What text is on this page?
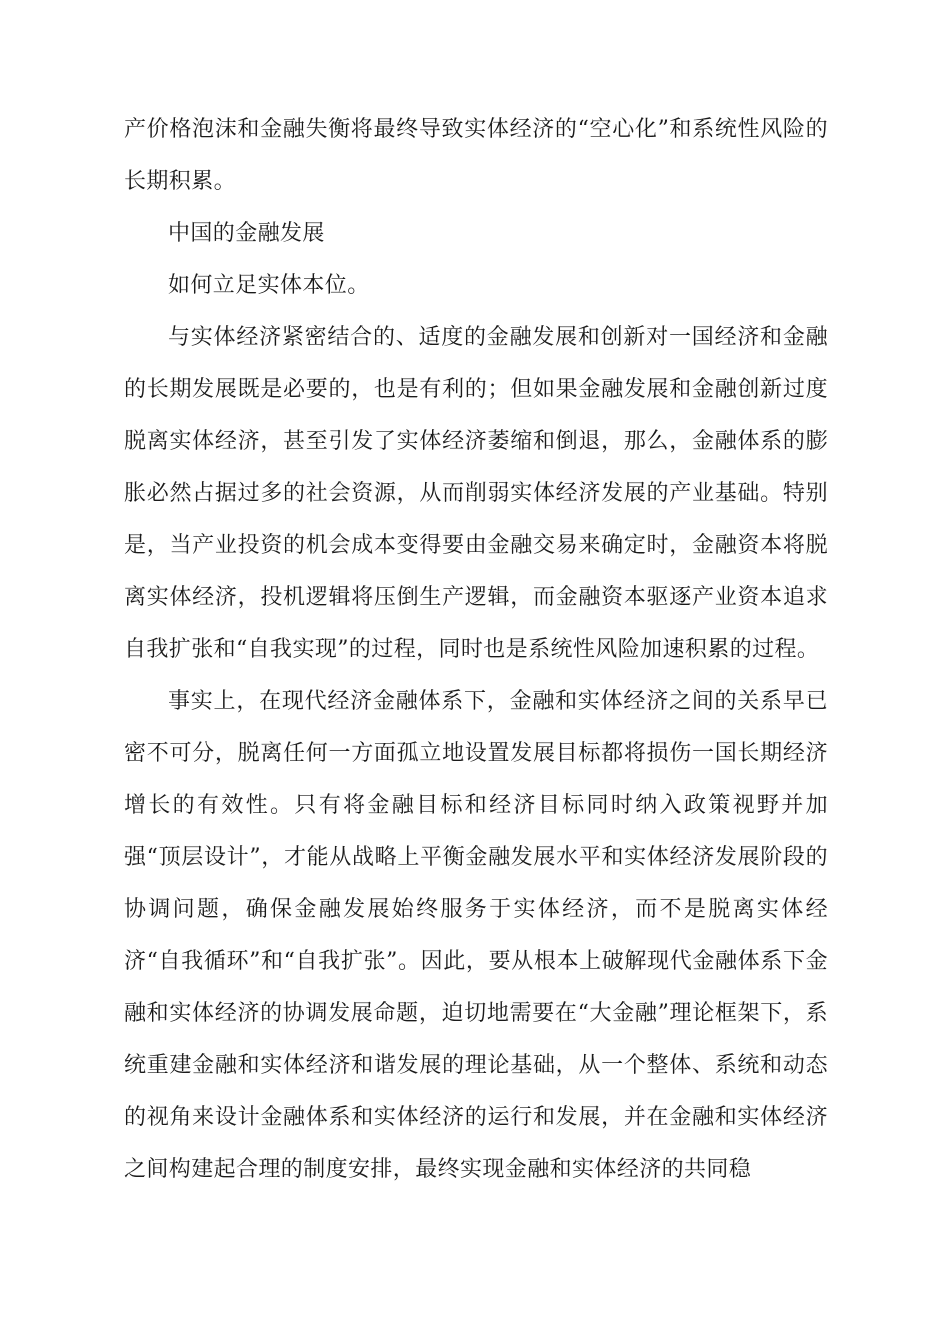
产价格泡沫和金融失衡将最终导致实体经济的“空心化”和系统性风险的长期积累。

中国的金融发展

如何立足实体本位。

与实体经济紧密结合的、适度的金融发展和创新对一国经济和金融的长期发展既是必要的，也是有利的；但如果金融发展和金融创新过度脱离实体经济，甚至引发了实体经济萎缩和倒退，那么，金融体系的膨胀必然占据过多的社会资源，从而削弱实体经济发展的产业基础。特别是，当产业投资的机会成本变得要由金融交易来确定时，金融资本将脱离实体经济，投机逻辑将压倒生产逻辑，而金融资本驱逐产业资本追求自我扩张和“自我实现”的过程，同时也是系统性风险加速积累的过程。

事实上，在现代经济金融体系下，金融和实体经济之间的关系早已密不可分，脱离任何一方面孤立地设置发展目标都将损伤一国长期经济增长的有效性。只有将金融目标和经济目标同时纳入政策视野并加强“顶层设计”，才能从战略上平衡金融发展水平和实体经济发展阶段的协调问题，确保金融发展始终服务于实体经济，而不是脱离实体经济“自我循环”和“自我扩张”。因此，要从根本上破解现代金融体系下金融和实体经济的协调发展命题，迫切地需要在“大金融”理论框架下，系统重建金融和实体经济和谐发展的理论基础，从一个整体、系统和动态的视角来设计金融体系和实体经济的运行和发展，并在金融和实体经济之间构建起合理的制度安排，最终实现金融和实体经济的共同稳
